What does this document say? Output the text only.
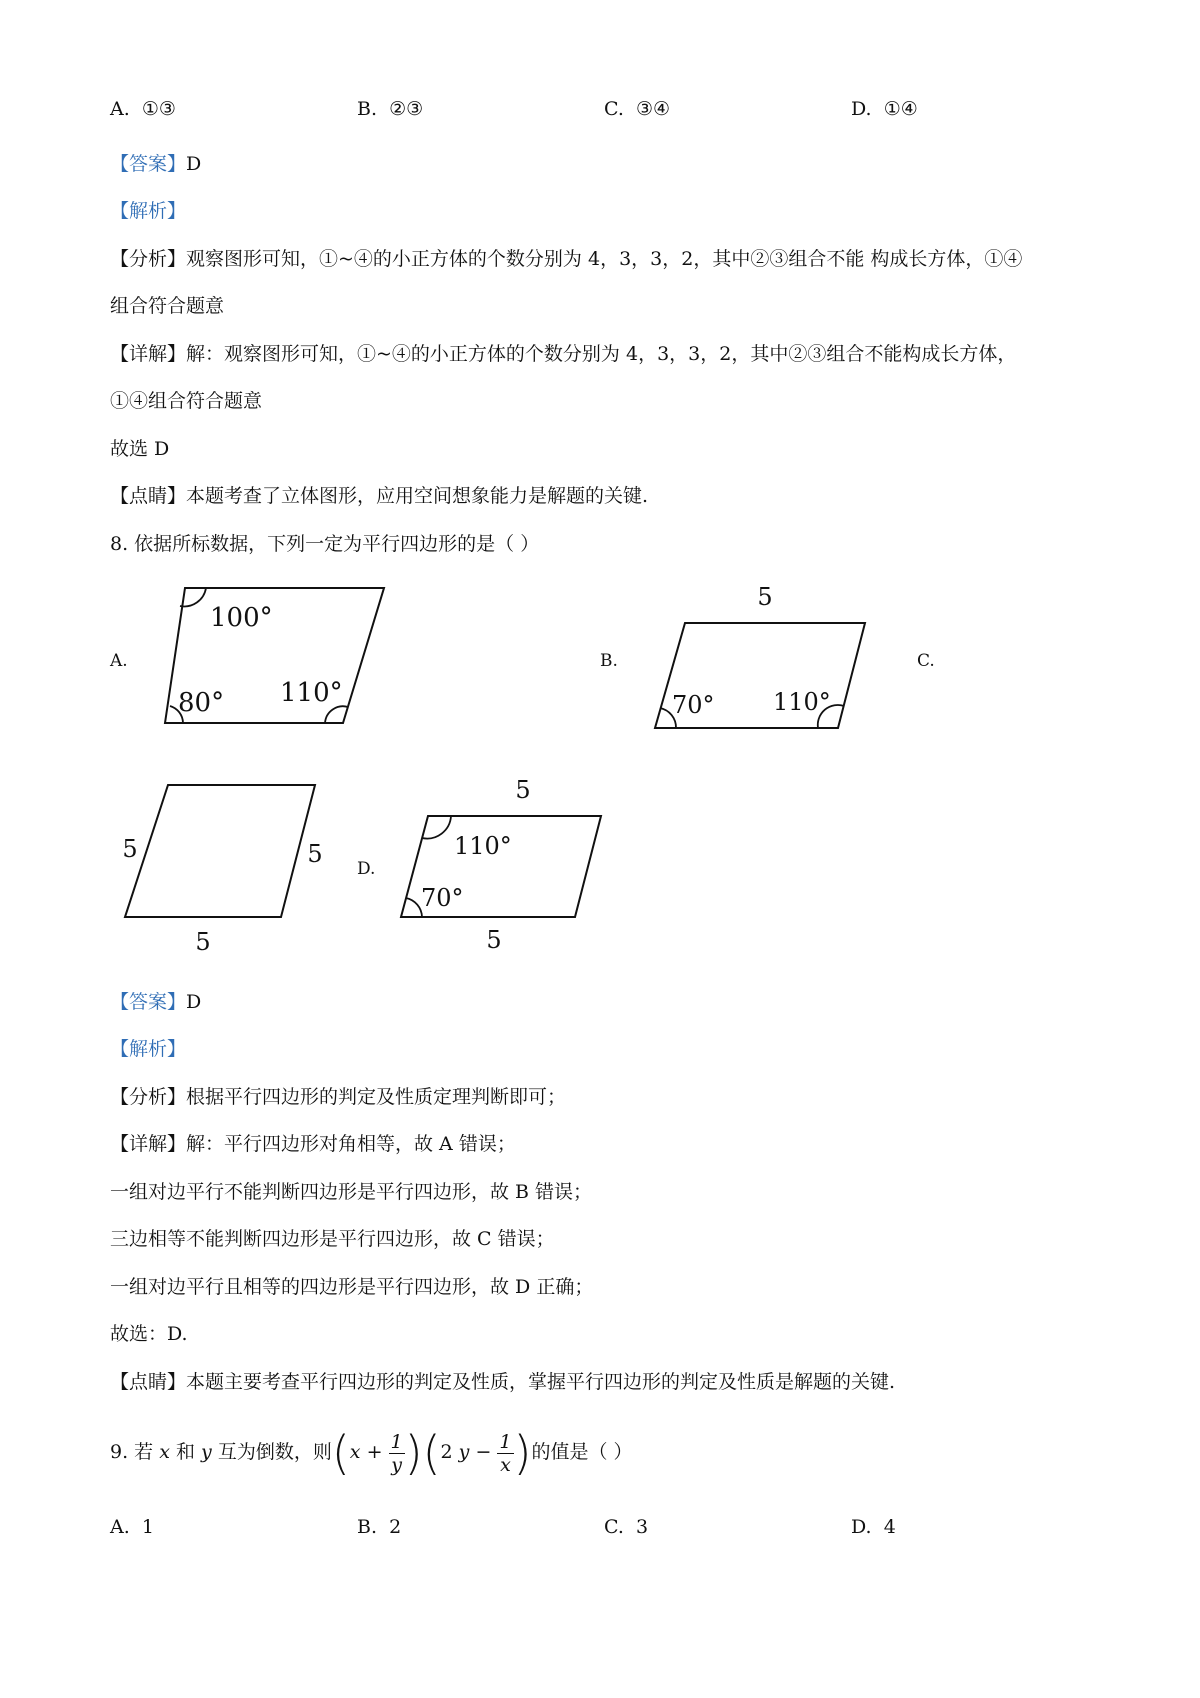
A. ①③	B. ②③	C. ③④	D. ①④
【答案】D
【解析】
【分析】观察图形可知，①~④的小正方体的个数分别为 4，3，3，2，其中②③组合不能 构成长方体，①④
组合符合题意
【详解】解：观察图形可知，①~④的小正方体的个数分别为 4，3，3，2，其中②③组合不能构成长方体，
①④组合符合题意
故选 D
【点睛】本题考查了立体图形，应用空间想象能力是解题的关键.
8. 依据所标数据，下列一定为平行四边形的是（ ）
A.
100°
80° 110°
B.
5
70° 110°
C.
5	5
5
D.
5
110°
70°
5
【答案】D
【解析】
【分析】根据平行四边形的判定及性质定理判断即可；
【详解】解：平行四边形对角相等，故 A 错误；
一组对边平行不能判断四边形是平行四边形，故 B 错误；
三边相等不能判断四边形是平行四边形，故 C 错误；
一组对边平行且相等的四边形是平行四边形，故 D 正确；
故选：D.
【点睛】本题主要考查平行四边形的判定及性质，掌握平行四边形的判定及性质是解题的关键.
9. 若 x 和 y 互为倒数，则$(x + \frac{1}{y} )(2$ $y - \frac{1}{x}$ )的值是（ ）
A. 1	B. 2	C. 3	D. 4
